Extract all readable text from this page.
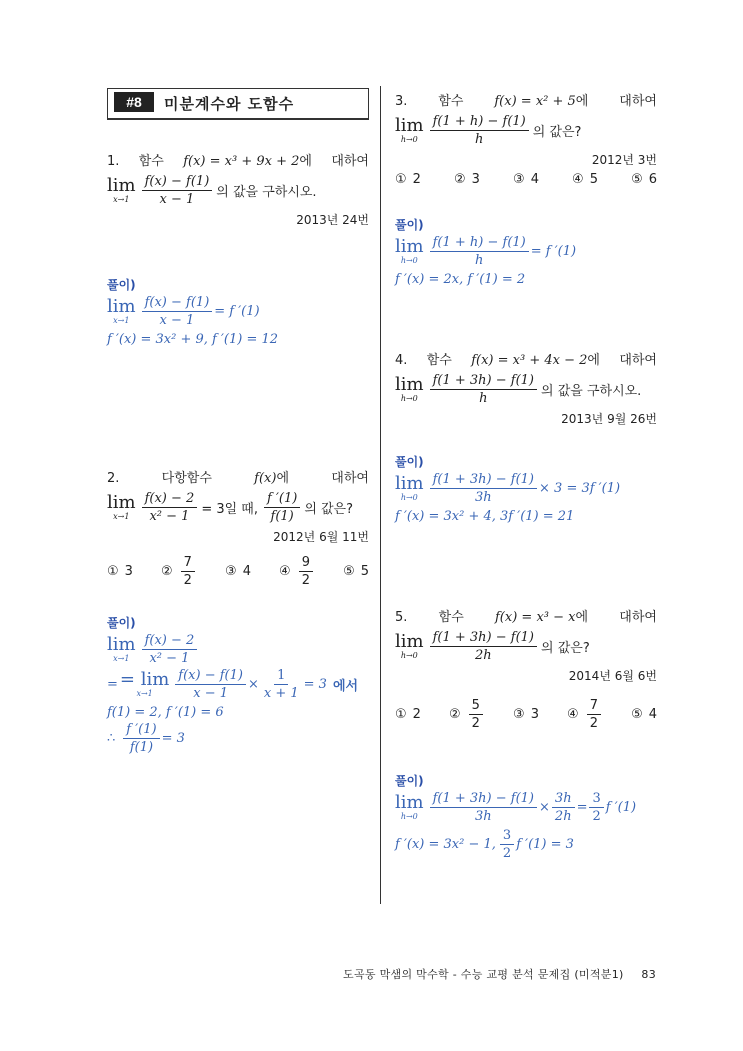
#8	미분계수와 도함수
1. 함수 f(x) = x³ + 9x + 2에 대하여
lim
$x\to 1 \frac{f(x) - f(1)}{x - 1}$ 의 값을 구하시오.
2013년 24번
풀이)
lim
$x\to 1 \frac{f(x) - f(1)}{x - 1} = f$ ′(1)
f ′(x) = 3x² + 9, f ′(1) = 12
2.	다항함수	f(x)에	대하여
lim
$x\to 1 \frac{f(x) - 2}{\text{x² − 1}} = 3$일 때, $\frac{f '(1)}{f(1)}$ 의 값은?
2012년 6월 11번
① 3 ② $\frac{7}{2}$ ③ 4 ④ $\frac{9}{2}$ ⑤ 5
풀이)
lim
$x\to 1 \frac{f(x) - 2}{\text{x² − 1}}$
= = lim
$x\to 1 \frac{f(x) - f(1)}{x - 1} \times \frac{1}{x + 1} = 3$ 에서
f(1) = 2, f ′(1) = 6
∴ $\frac{f '(1)}{f(1)} = 3$
3. 함수 f(x) = x² + 5에 대하여
lim
$h\to 0 \frac{f(1 + h) - f(1)}{h}$ 의 값은?
2012년 3번
① 2	② 3	③ 4	④ 5	⑤ 6
풀이)
lim
$h\to 0 \frac{f(1 + h) - f(1)}{h} = f$ ′(1)
f ′(x) = 2x, f ′(1) = 2
4. 함수 f(x) = x³ + 4x − 2에 대하여
lim
$h\to 0 \frac{f(1 + 3h) - f(1)}{h}$ 의 값을 구하시오.
2013년 9월 26번
풀이)
lim
$h\to 0 \frac{f(1 + 3h) - f(1)}{3h} \times 3 = 3f$ ′(1)
f ′(x) = 3x² + 4, 3f ′(1) = 21
5. 함수 f(x) = x³ − x에 대하여
lim
$h\to 0 \frac{f(1 + 3h) - f(1)}{2h}$ 의 값은?
2014년 6월 6번
① 2 ② $\frac{5}{2}$ ③ 3 ④ $\frac{7}{2}$ ⑤ 4
풀이)
lim
$h\to 0 \frac{f(1 + 3h) - f(1)}{3h} \times \frac{3h}{2h} = \frac{3}{2}$ f ′(1)
f ′(x) = 3x² − 1, $\frac{3}{2}$ f ′(1) = 3
도곡동 막샘의 막수학 - 수능 교평 분석 문제집 (미적분1) 83
